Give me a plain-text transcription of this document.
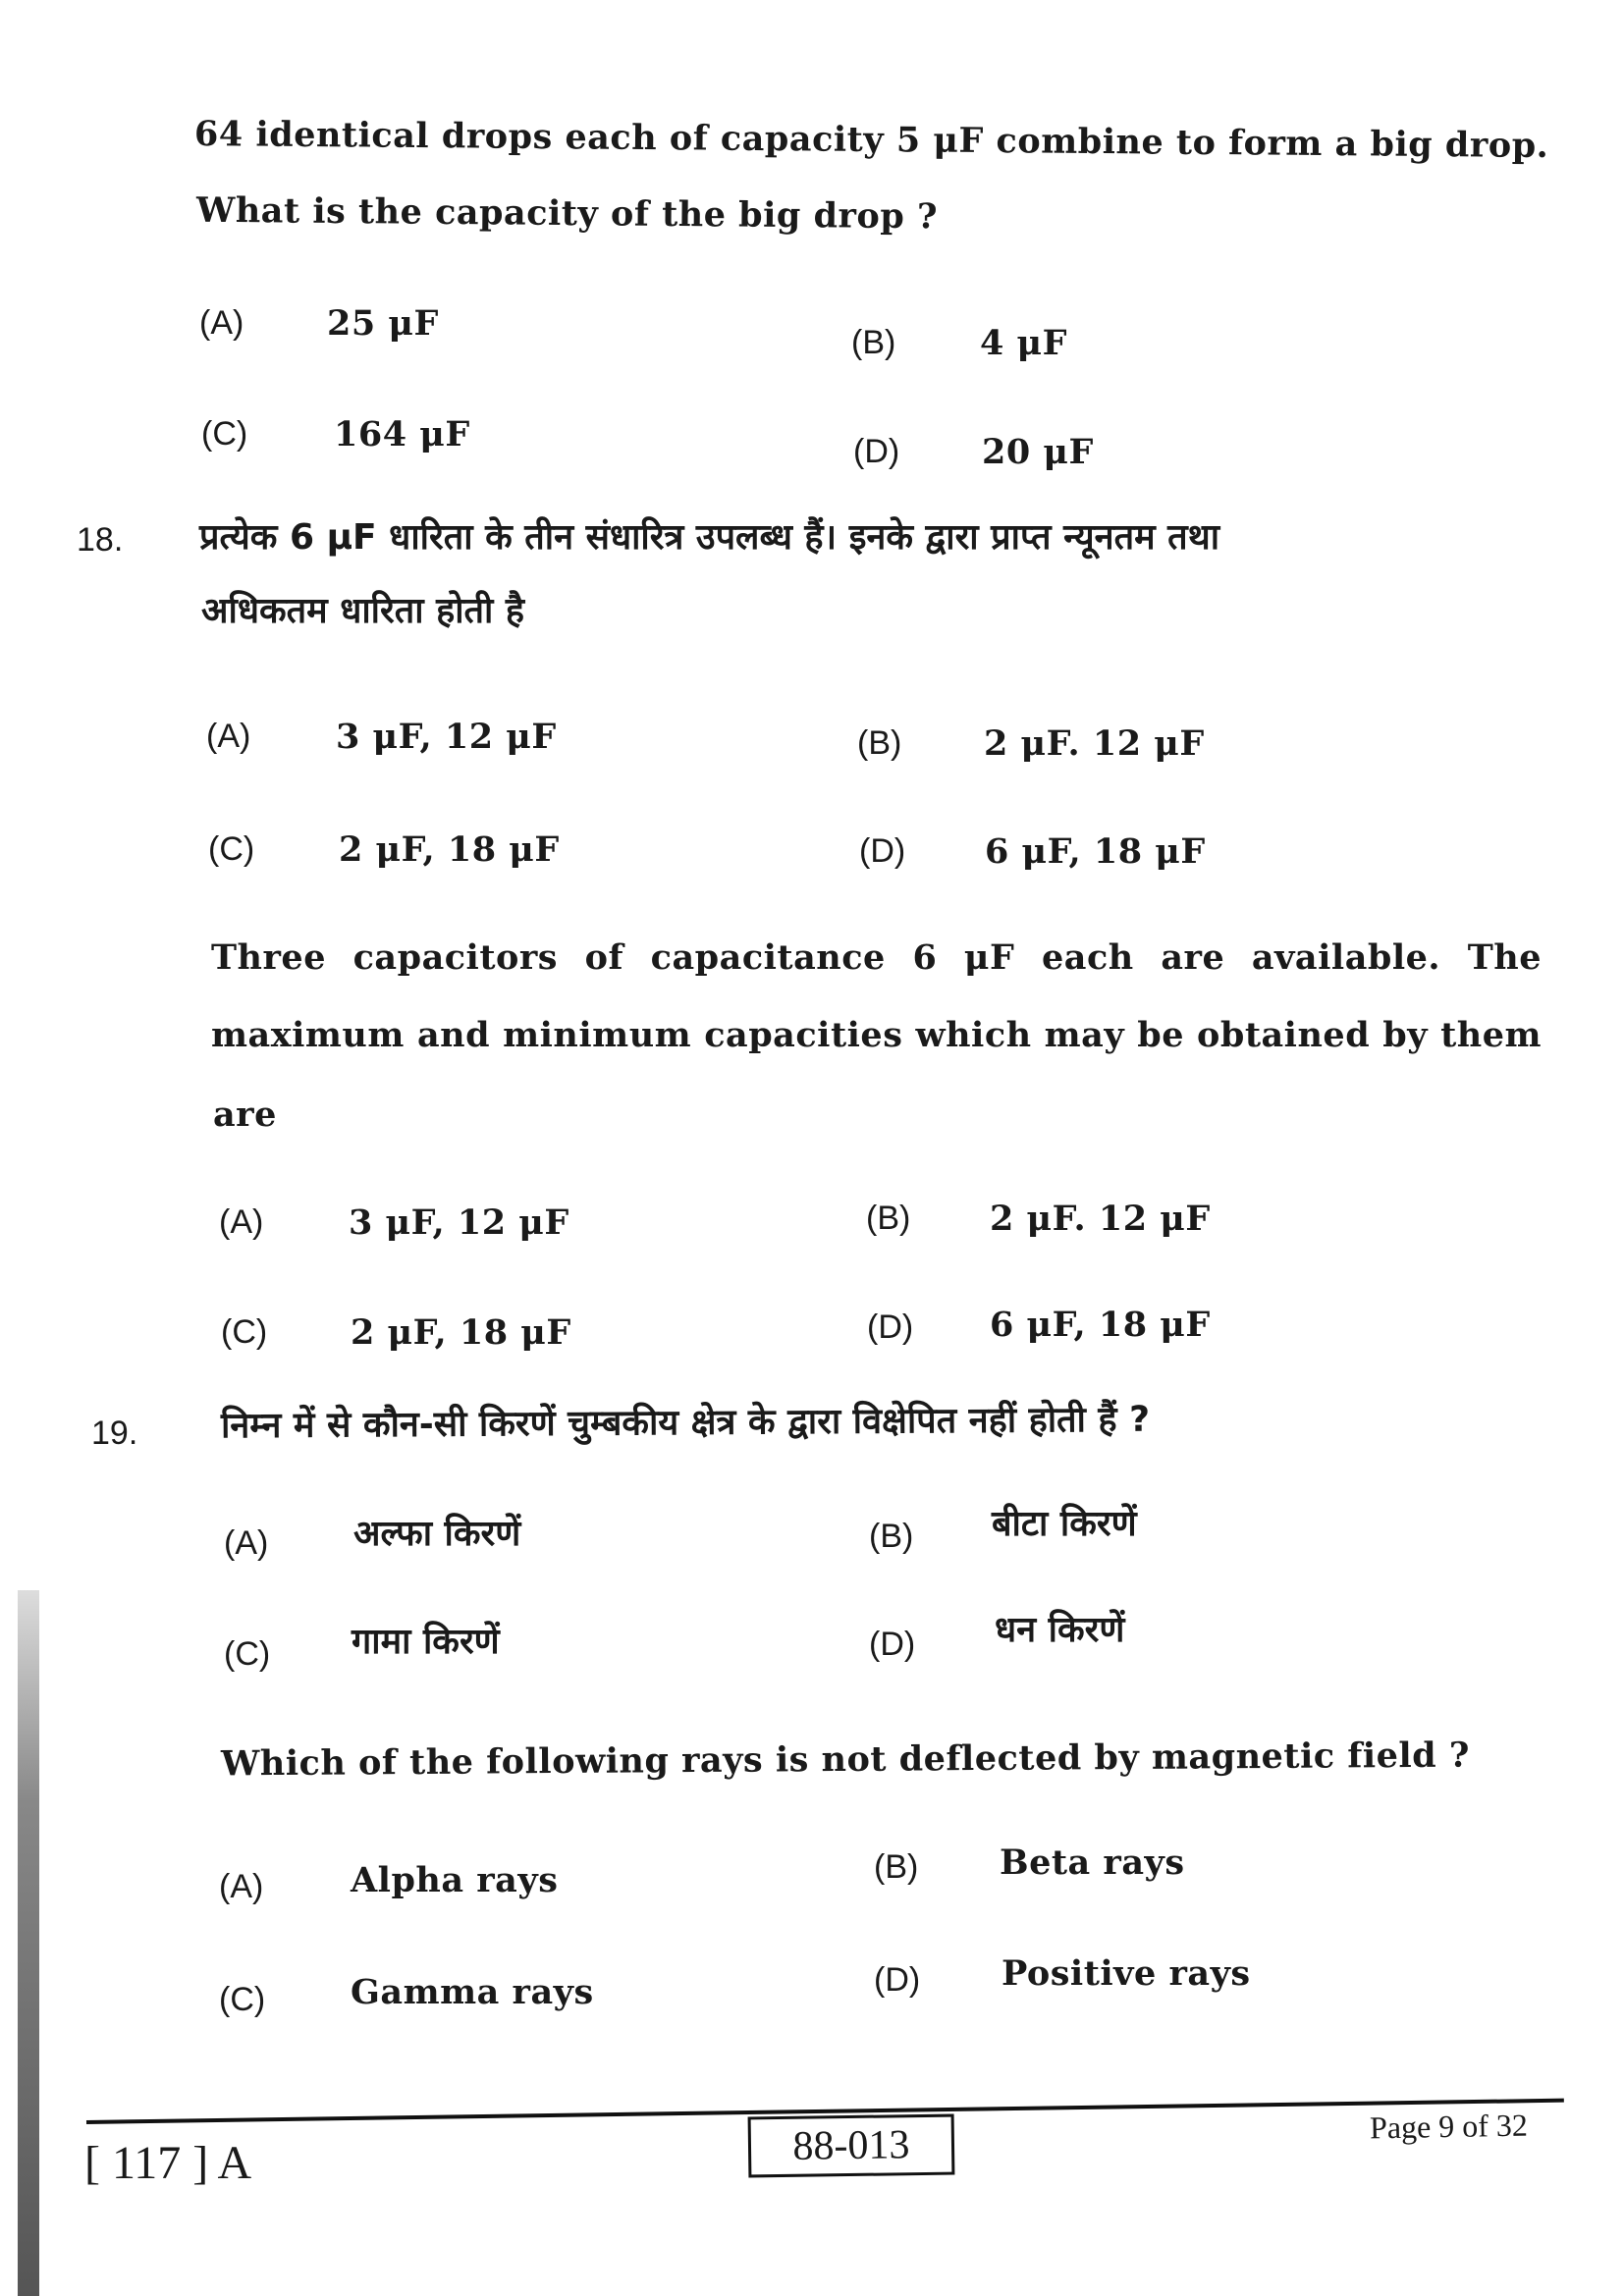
64 identical drops each of capacity 5 μF combine to form a big drop.
What is the capacity of the big drop ?
(A) 25 μF	(B) 4 μF
(C)	164 μF	(D) 20 μF
18. प्रत्येक 6 μF धारिता के तीन संधारित्र उपलब्ध हैं। इनके द्वारा प्राप्त न्यूनतम तथा
अधिकतम धारिता होती है
(A) 3 μF, 12 μF	(B) 2 μF. 12 μF
(C) 2 μF, 18 μF	(D) 6 μF, 18 μF
Three capacitors of capacitance 6 μF each are available. The
maximum and minimum capacities which may be obtained by them
are
(A) 3 μF, 12 μF	(B) 2 μF. 12 μF
(C) 2 μF, 18 μF	(D) 6 μF, 18 μF
19. निम्न में से कौन-सी किरणें चुम्बकीय क्षेत्र के द्वारा विक्षेपित नहीं होती हैं ?
(A) अल्फा किरणें	(B) बीटा किरणें
(C) गामा किरणें	(D) धन किरणें
Which of the following rays is not deflected by magnetic field ?
(A)	Alpha rays	(B) Beta rays
(C) Gamma rays	(D) Positive rays
[ 117 ] A	88-013	Page 9 of 32
